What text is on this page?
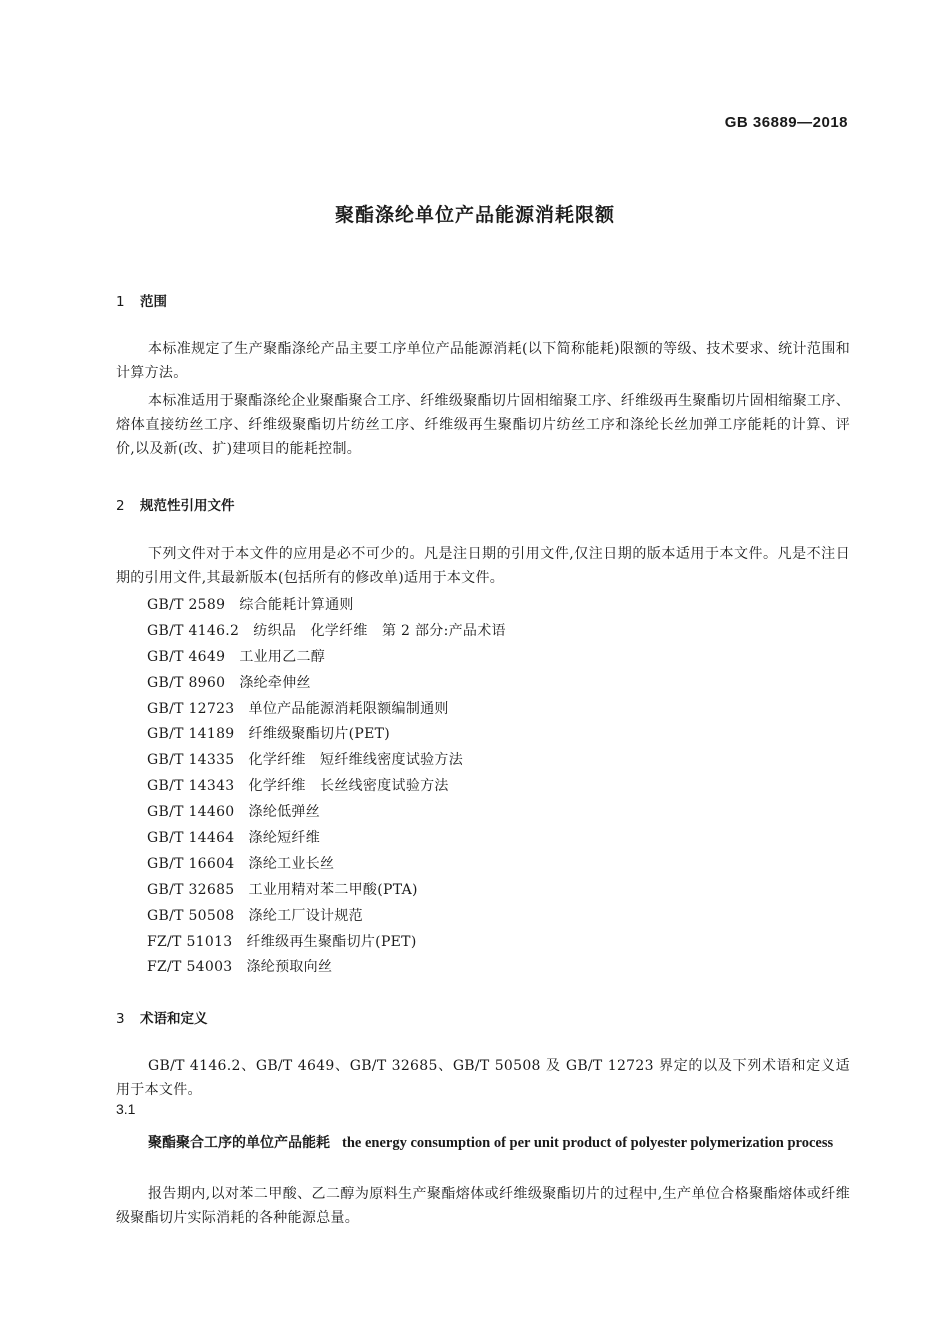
GB 36889—2018
聚酯涤纶单位产品能源消耗限额
1 范围
本标准规定了生产聚酯涤纶产品主要工序单位产品能源消耗(以下简称能耗)限额的等级、技术要求、统计范围和计算方法。
本标准适用于聚酯涤纶企业聚酯聚合工序、纤维级聚酯切片固相缩聚工序、纤维级再生聚酯切片固相缩聚工序、熔体直接纺丝工序、纤维级聚酯切片纺丝工序、纤维级再生聚酯切片纺丝工序和涤纶长丝加弹工序能耗的计算、评价,以及新(改、扩)建项目的能耗控制。
2 规范性引用文件
下列文件对于本文件的应用是必不可少的。凡是注日期的引用文件,仅注日期的版本适用于本文件。凡是不注日期的引用文件,其最新版本(包括所有的修改单)适用于本文件。
GB/T 2589 综合能耗计算通则
GB/T 4146.2 纺织品　化学纤维　第 2 部分:产品术语
GB/T 4649 工业用乙二醇
GB/T 8960 涤纶牵伸丝
GB/T 12723 单位产品能源消耗限额编制通则
GB/T 14189 纤维级聚酯切片(PET)
GB/T 14335 化学纤维　短纤维线密度试验方法
GB/T 14343 化学纤维　长丝线密度试验方法
GB/T 14460 涤纶低弹丝
GB/T 14464 涤纶短纤维
GB/T 16604 涤纶工业长丝
GB/T 32685 工业用精对苯二甲酸(PTA)
GB/T 50508 涤纶工厂设计规范
FZ/T 51013 纤维级再生聚酯切片(PET)
FZ/T 54003 涤纶预取向丝
3 术语和定义
GB/T 4146.2、GB/T 4649、GB/T 32685、GB/T 50508 及 GB/T 12723 界定的以及下列术语和定义适用于本文件。
3.1
聚酯聚合工序的单位产品能耗 the energy consumption of per unit product of polyester polymerization process
报告期内,以对苯二甲酸、乙二醇为原料生产聚酯熔体或纤维级聚酯切片的过程中,生产单位合格聚酯熔体或纤维级聚酯切片实际消耗的各种能源总量。
